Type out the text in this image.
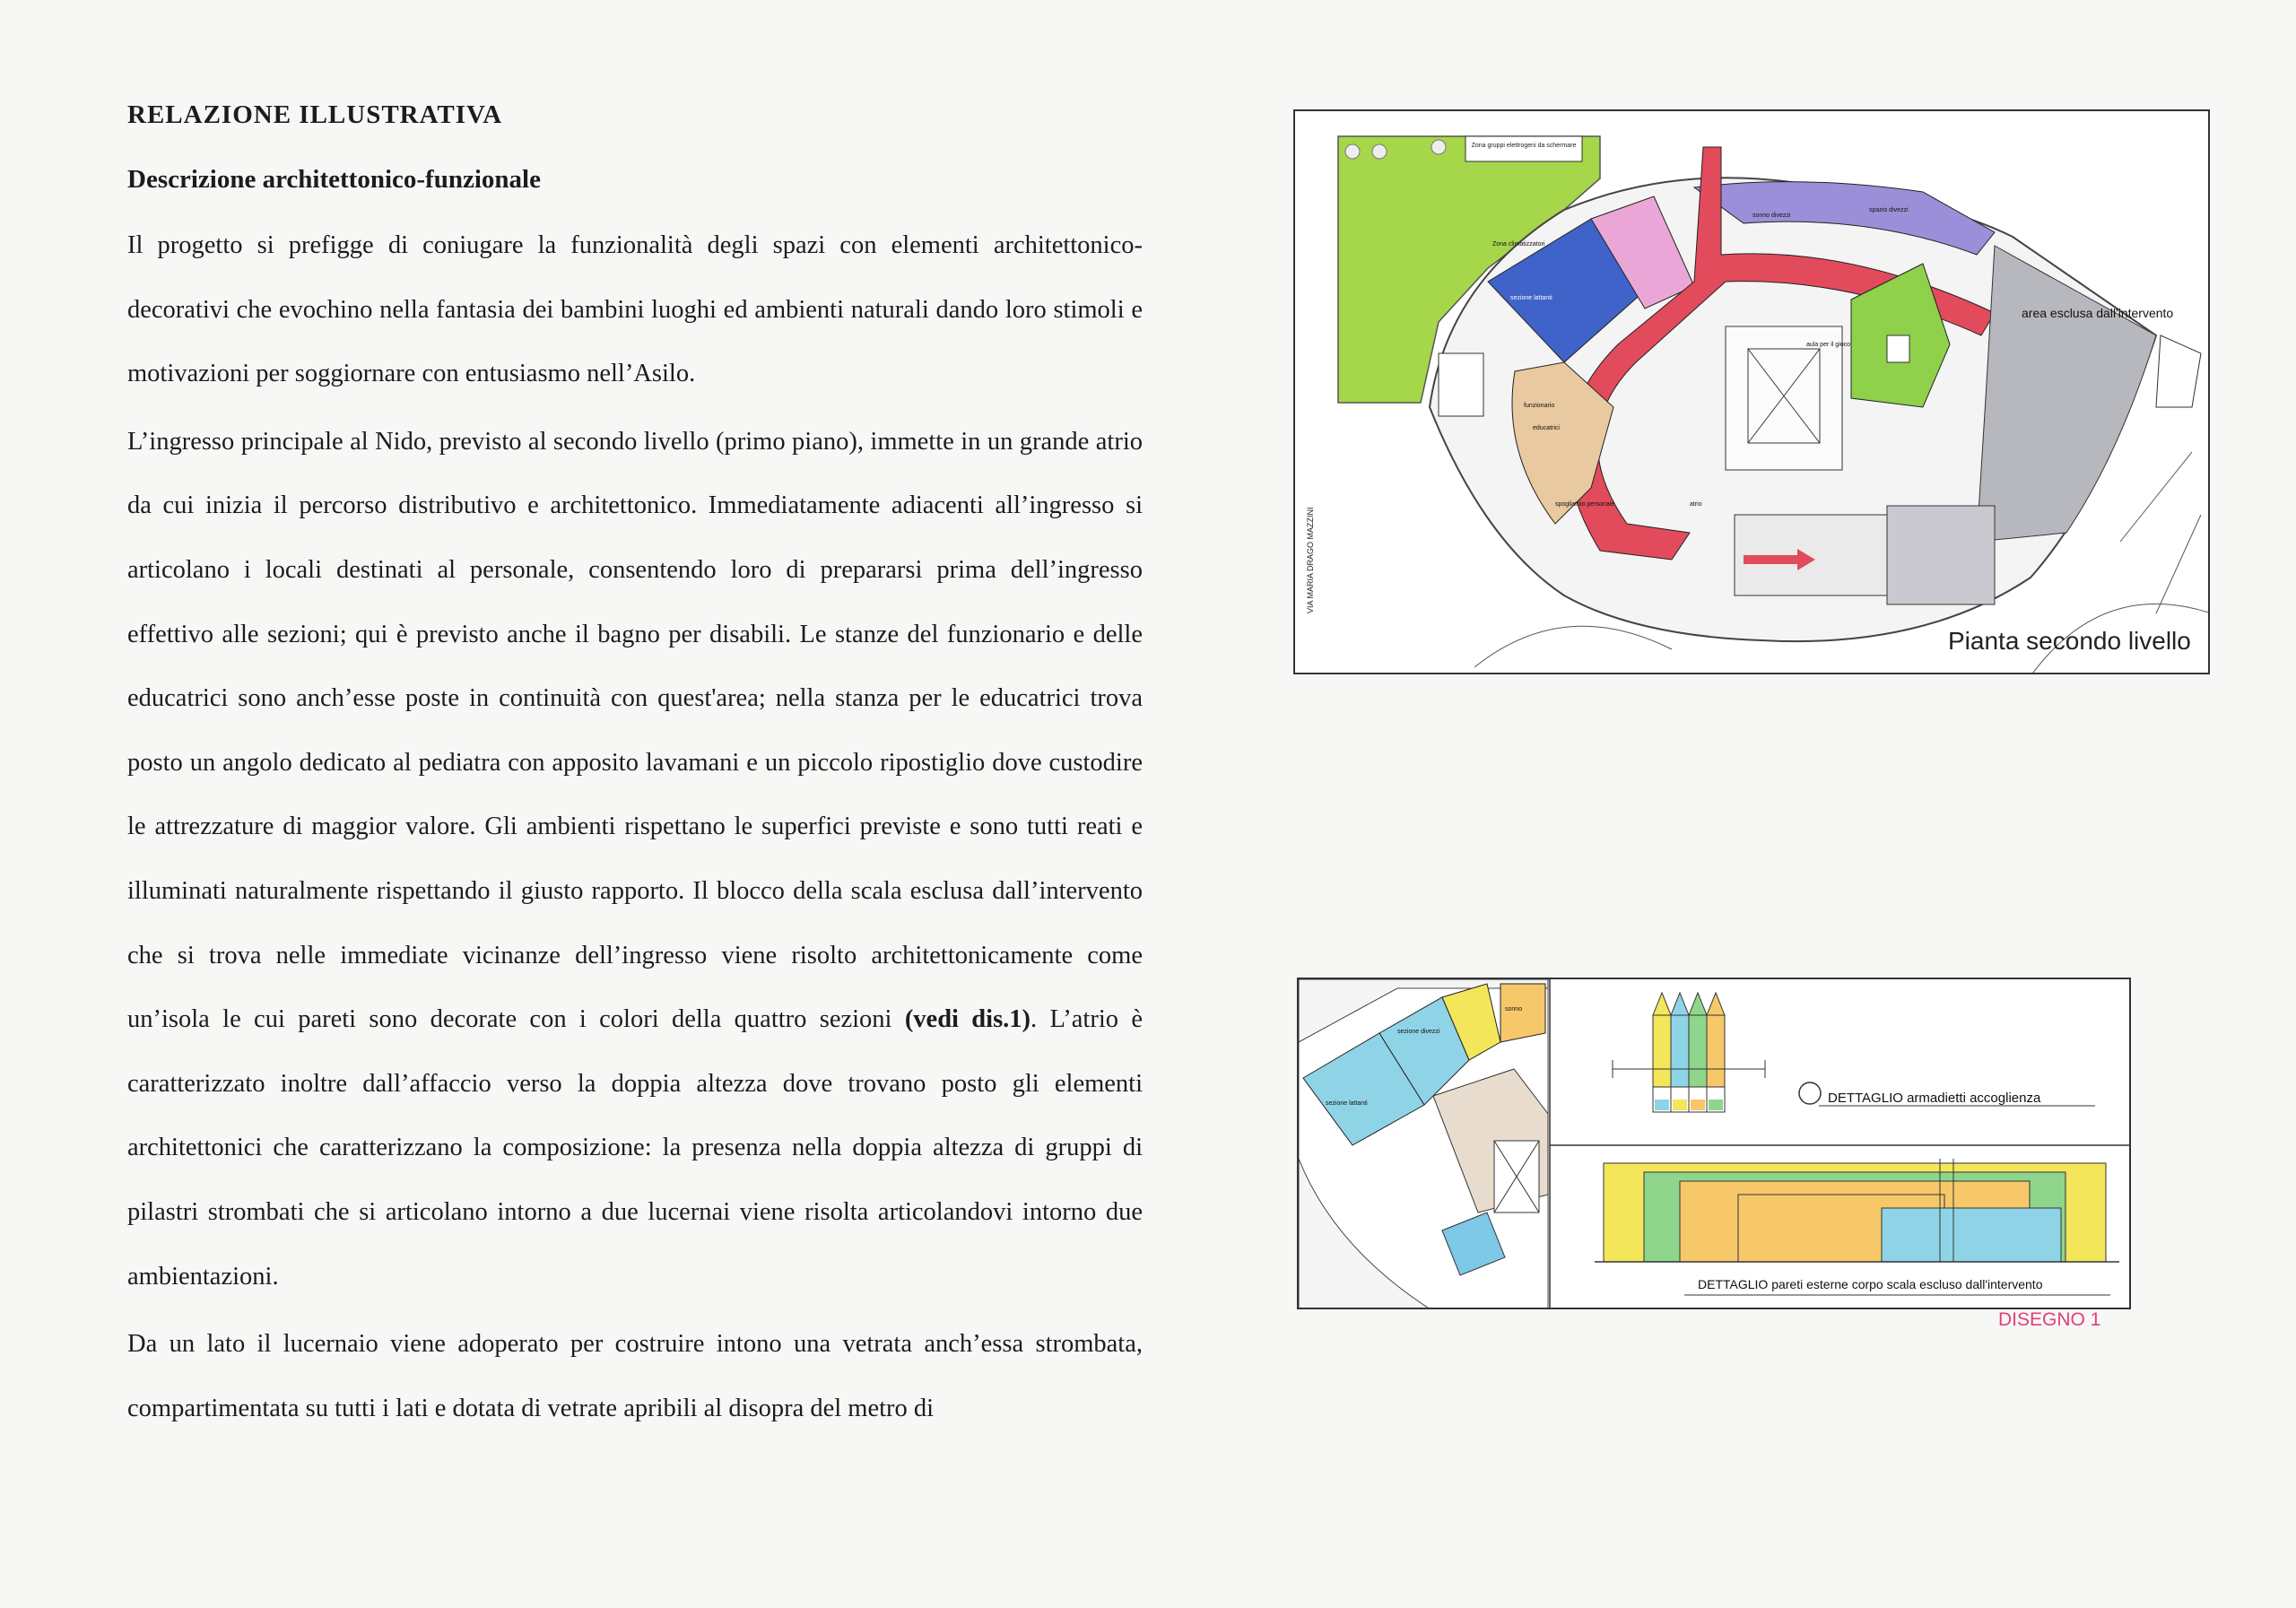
RELAZIONE ILLUSTRATIVA
Descrizione architettonico-funzionale

Il progetto si prefigge di coniugare la funzionalità degli spazi con elementi architettonico-decorativi che evochino nella fantasia dei bambini luoghi ed ambienti naturali dando loro stimoli e motivazioni per soggiornare con entusiasmo nell’Asilo.

L’ingresso principale al Nido, previsto al secondo livello (primo piano), immette in un grande atrio da cui inizia il percorso distributivo e architettonico. Immediatamente adiacenti all’ingresso si articolano i locali destinati al personale, consentendo loro di prepararsi prima dell’ingresso effettivo alle sezioni; qui è previsto anche il bagno per disabili. Le stanze del funzionario e delle educatrici sono anch’esse poste in continuità con quest'area; nella stanza per le educatrici trova posto un angolo dedicato al pediatra con apposito lavamani e un piccolo ripostiglio dove custodire le attrezzature di maggior valore. Gli ambienti rispettano le superfici previste e sono tutti reati e illuminati naturalmente rispettando il giusto rapporto. Il blocco della scala esclusa dall’intervento che si trova nelle immediate vicinanze dell’ingresso viene risolto architettonicamente come un’isola le cui pareti sono decorate con i colori della quattro sezioni (vedi dis.1). L’atrio è caratterizzato inoltre dall’affaccio verso la doppia altezza dove trovano posto gli elementi architettonici che caratterizzano la composizione: la presenza nella doppia altezza di gruppi di pilastri strombati che si articolano intorno a due lucernai viene risolta articolandovi intorno due ambientazioni.

Da un lato il lucernaio viene adoperato per costruire intono una vetrata anch’essa strombata, compartimentata su tutti i lati e dotata di vetrate apribili al disopra del metro di

Zona gruppi elettrogeni da schermare
VIA MARIA DRAGO MAZZINI
area esclusa dall'intervento
aula per il gioco
funzionario
educatrici
atrio
spogliatoio personale
sezione lattanti
sonno divezzi
spazio divezzi
Zona climatizzatori
Pianta secondo livello
sezione lattanti
sezione divezzi
sonno
DETTAGLIO armadietti accoglienza
DETTAGLIO pareti esterne corpo scala escluso dall'intervento
DISEGNO 1
